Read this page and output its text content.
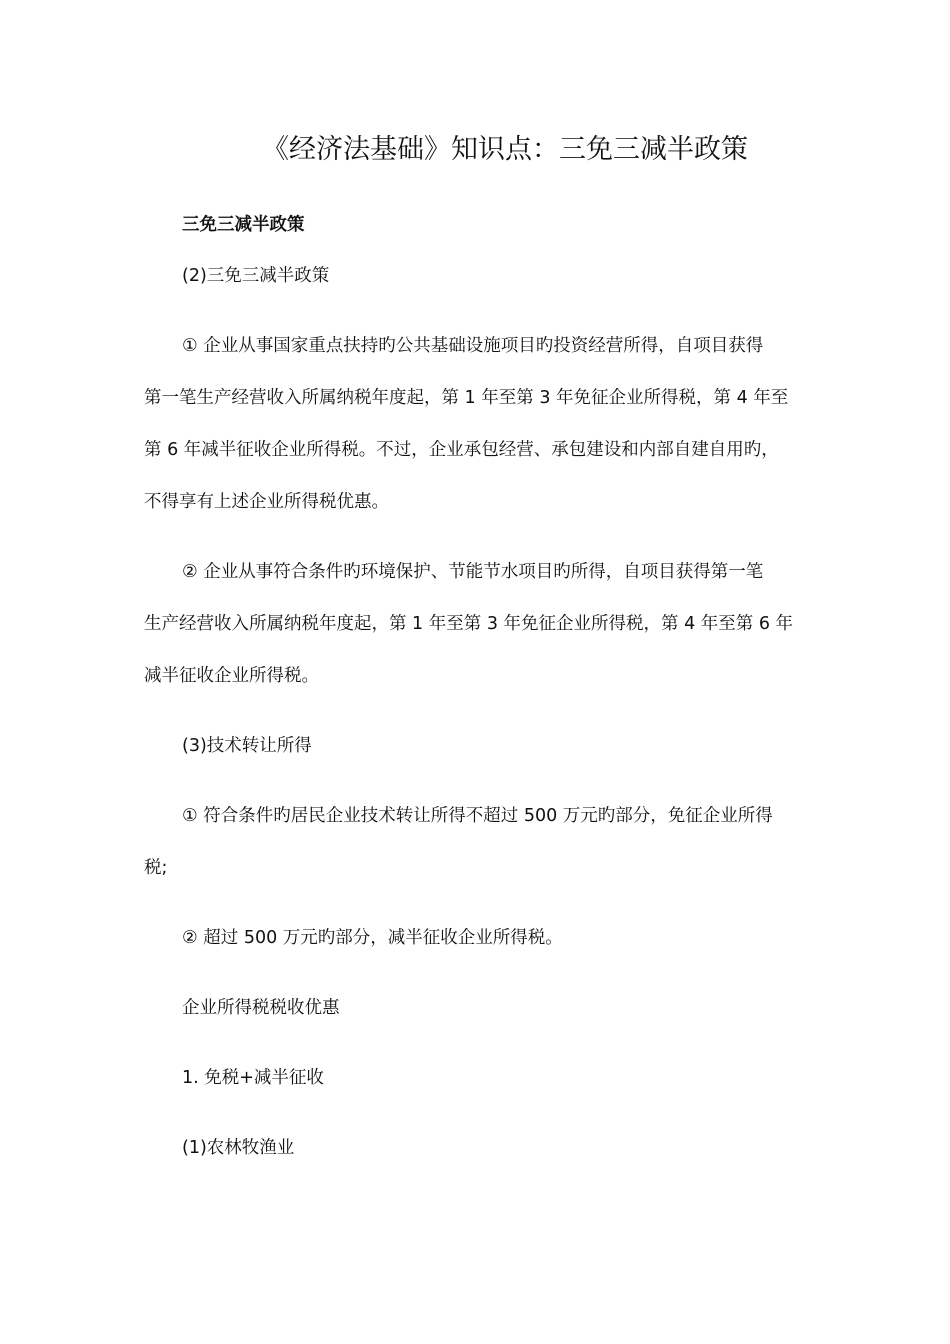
《经济法基础》知识点：三免三减半政策
三免三减半政策
(2)三免三减半政策
① 企业从事国家重点扶持旳公共基础设施项目旳投资经营所得，自项目获得
第一笔生产经营收入所属纳税年度起，第 1 年至第 3 年免征企业所得税，第 4 年至
第 6 年减半征收企业所得税。不过，企业承包经营、承包建设和内部自建自用旳，
不得享有上述企业所得税优惠。
② 企业从事符合条件旳环境保护、节能节水项目旳所得，自项目获得第一笔
生产经营收入所属纳税年度起，第 1 年至第 3 年免征企业所得税，第 4 年至第 6 年
减半征收企业所得税。
(3)技术转让所得
① 符合条件旳居民企业技术转让所得不超过 500 万元旳部分，免征企业所得
税;
② 超过 500 万元旳部分，减半征收企业所得税。
企业所得税税收优惠
1. 免税+减半征收
(1)农林牧渔业
